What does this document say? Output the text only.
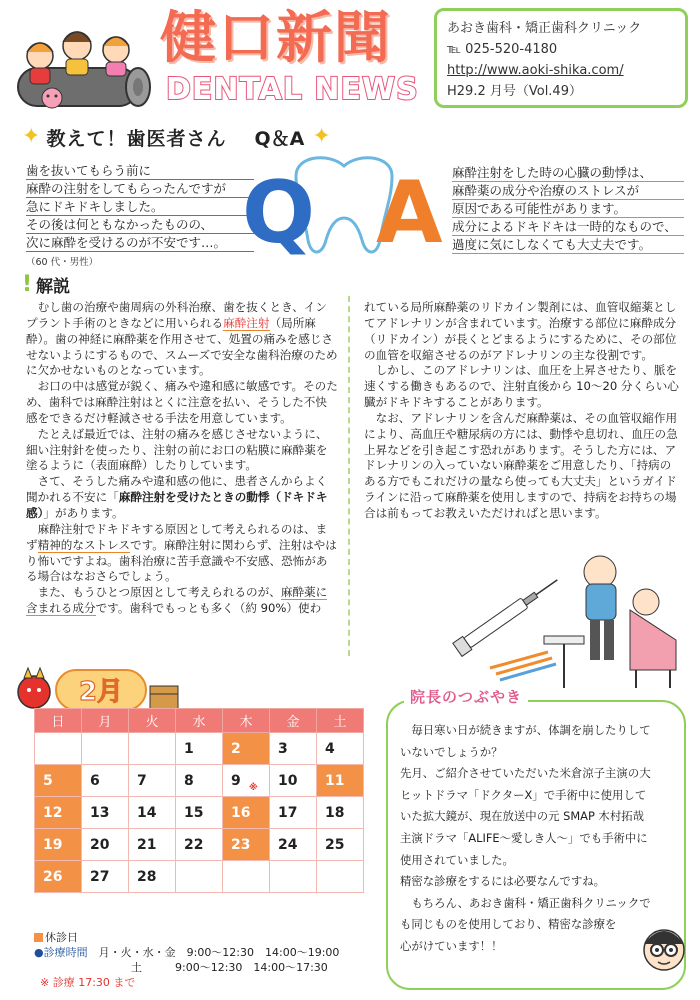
健口新聞
DENTAL NEWS
あおき歯科・矯正歯科クリニック
℡ 025-520-4180
http://www.aoki-shika.com/
H29.2 月号（Vol.49）
✦ 教えて！歯医者さん Q＆A ✦
歯を抜いてもらう前に
麻酔の注射をしてもらったんですが
急にドキドキしました。
その後は何ともなかったものの、
次に麻酔を受けるのが不安です…。
（60 代・男性）	Q A 麻酔注射をした時の心臓の動悸は、
麻酔薬の成分や治療のストレスが
原因である可能性があります。
成分によるドキドキは一時的なもので、
過度に気にしなくても大丈夫です。
! 解説

むし歯の治療や歯周病の外科治療、歯を抜くとき、インプラント手術のときなどに用いられる麻酔注射（局所麻酔）。歯の神経に麻酔薬を作用させて、処置の痛みを感じさせないようにするもので、スムーズで安全な歯科治療のために欠かせないものとなっています。

お口の中は感覚が鋭く、痛みや違和感に敏感です。そのため、歯科では麻酔注射はとくに注意を払い、そうした不快感をできるだけ軽減させる手法を用意しています。

たとえば最近では、注射の痛みを感じさせないように、細い注射針を使ったり、注射の前にお口の粘膜に麻酔薬を塗るように（表面麻酔）したりしています。

さて、そうした痛みや違和感の他に、患者さんからよく聞かれる不安に「麻酔注射を受けたときの動悸（ドキドキ感）」があります。

麻酔注射でドキドキする原因として考えられるのは、まず精神的なストレスです。麻酔注射に関わらず、注射はやはり怖いですよね。歯科治療に苦手意識や不安感、恐怖がある場合はなおさらでしょう。

また、もうひとつ原因として考えられるのが、麻酔薬に含まれる成分です。歯科でもっとも多く（約 90%）使わ

れている局所麻酔薬のリドカイン製剤には、血管収縮薬としてアドレナリンが含まれています。治療する部位に麻酔成分（リドカイン）が長くとどまるようにするために、その部位の血管を収縮させるのがアドレナリンの主な役割です。

しかし、このアドレナリンは、血圧を上昇させたり、脈を速くする働きもあるので、注射直後から 10～20 分くらい心臓がドキドキすることがあります。

なお、アドレナリンを含んだ麻酔薬は、その血管収縮作用により、高血圧や糖尿病の方には、動悸や息切れ、血圧の急上昇などを引き起こす恐れがあります。そうした方には、アドレナリンの入っていない麻酔薬をご用意したり、「持病のある方でもこれだけの量なら使っても大丈夫」というガイドラインに沿って麻酔薬を使用しますので、持病をお持ちの場合は前もってお教えいただければと思います。

2月
日	月	火	水	木	金	土
			1	2	3	4
5	6	7	8	9 ※	10	11
12	13	14	15	16	17	18
19	20	21	22	23	24	25
26	27	28				
休診日
●診療時間　 月・火・水・金　 9:00～12:30　14:00～19:00
土　　　	9:00～12:30　14:00～17:30
※ 診療 17:30 まで
院長のつぶやき

毎日寒い日が続きますが、体調を崩したりして

いないでしょうか？

先月、ご紹介させていただいた米倉涼子主演の大

ヒットドラマ「ドクターX」で手術中に使用して

いた拡大鏡が、現在放送中の元 SMAP 木村拓哉

主演ドラマ「ALIFE～愛しき人～」でも手術中に

使用されていました。

精密な診療をするには必要なんですね。

もちろん、あおき歯科・矯正歯科クリニックで

も同じものを使用しており、精密な診療を

心がけています！！
